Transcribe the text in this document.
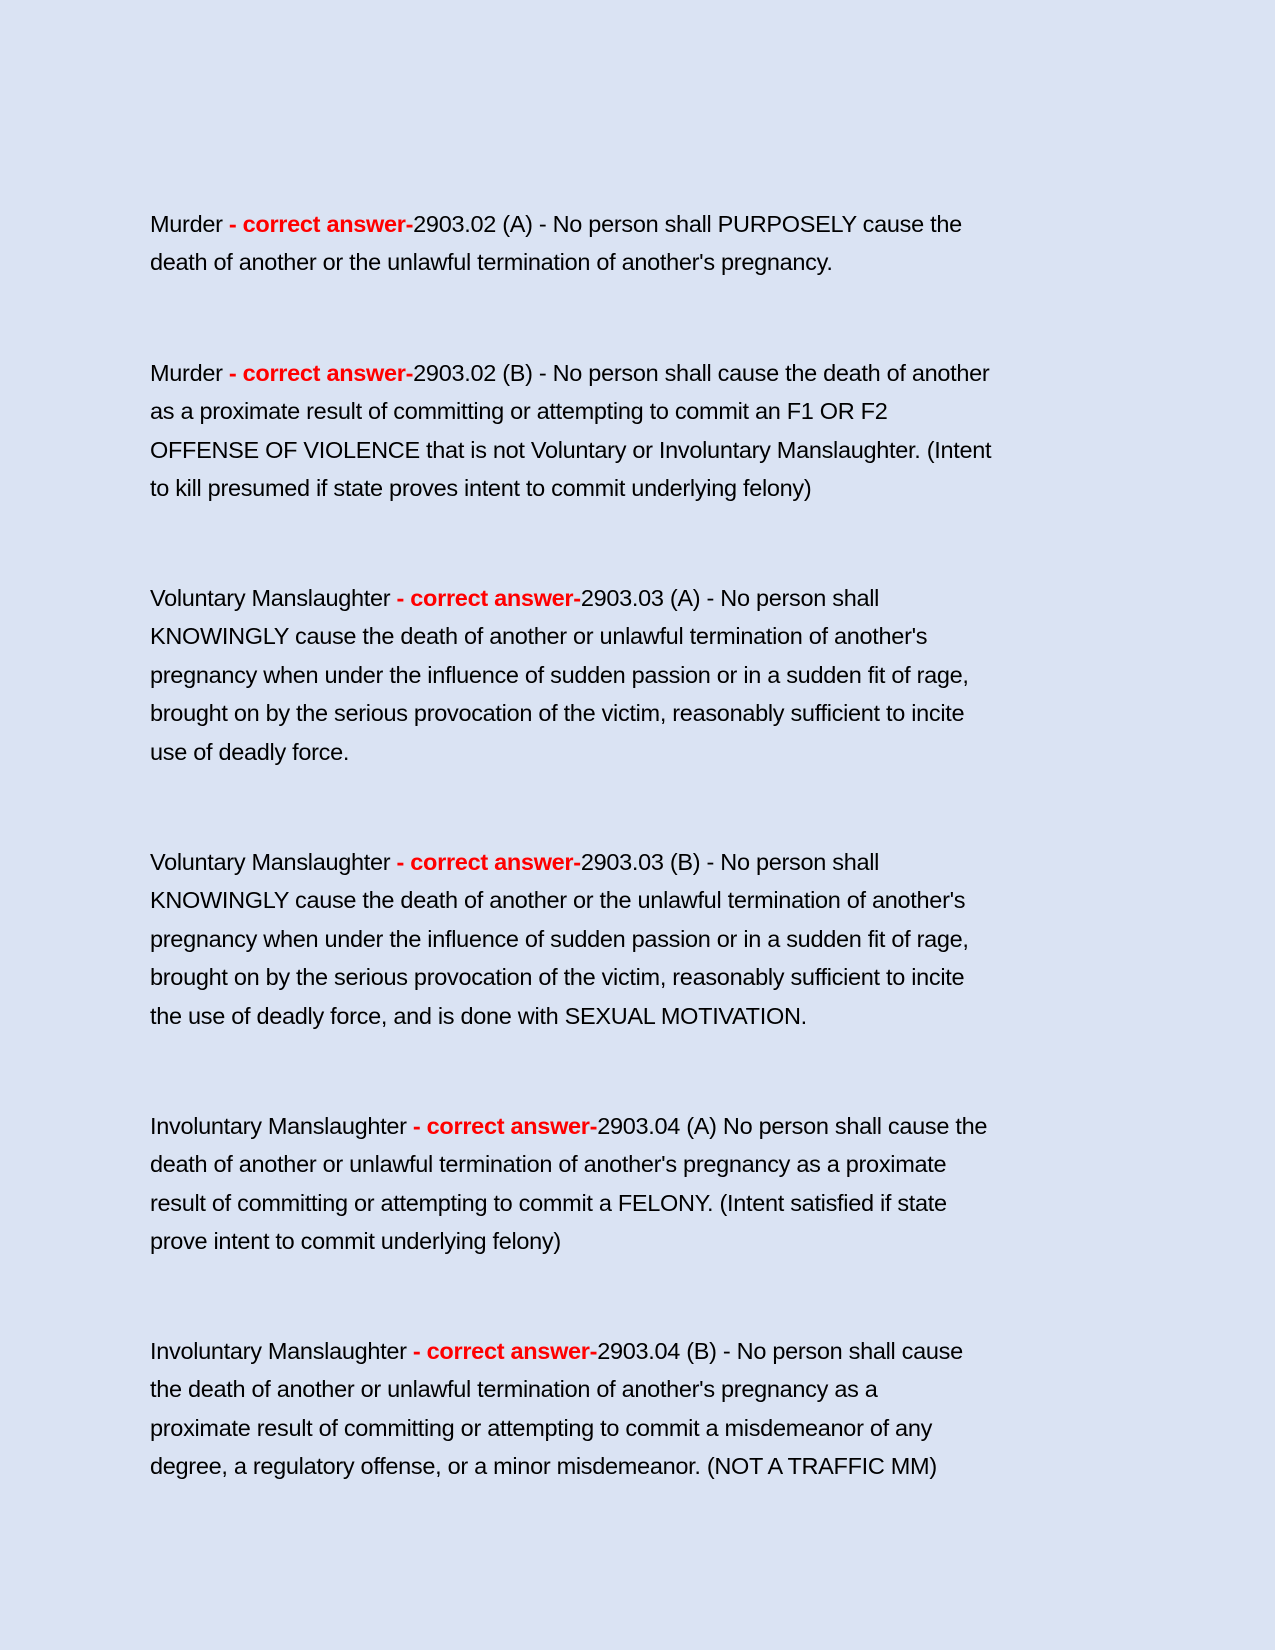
Murder - correct answer-2903.02 (A) - No person shall PURPOSELY cause the
death of another or the unlawful termination of another's pregnancy.
Murder - correct answer-2903.02 (B) - No person shall cause the death of another
as a proximate result of committing or attempting to commit an F1 OR F2
OFFENSE OF VIOLENCE that is not Voluntary or Involuntary Manslaughter. (Intent
to kill presumed if state proves intent to commit underlying felony)
Voluntary Manslaughter - correct answer-2903.03 (A) - No person shall
KNOWINGLY cause the death of another or unlawful termination of another's
pregnancy when under the influence of sudden passion or in a sudden fit of rage,
brought on by the serious provocation of the victim, reasonably sufficient to incite
use of deadly force.
Voluntary Manslaughter - correct answer-2903.03 (B) - No person shall
KNOWINGLY cause the death of another or the unlawful termination of another's
pregnancy when under the influence of sudden passion or in a sudden fit of rage,
brought on by the serious provocation of the victim, reasonably sufficient to incite
the use of deadly force, and is done with SEXUAL MOTIVATION.
Involuntary Manslaughter - correct answer-2903.04 (A) No person shall cause the
death of another or unlawful termination of another's pregnancy as a proximate
result of committing or attempting to commit a FELONY. (Intent satisfied if state
prove intent to commit underlying felony)
Involuntary Manslaughter - correct answer-2903.04 (B) - No person shall cause
the death of another or unlawful termination of another's pregnancy as a
proximate result of committing or attempting to commit a misdemeanor of any
degree, a regulatory offense, or a minor misdemeanor. (NOT A TRAFFIC MM)
